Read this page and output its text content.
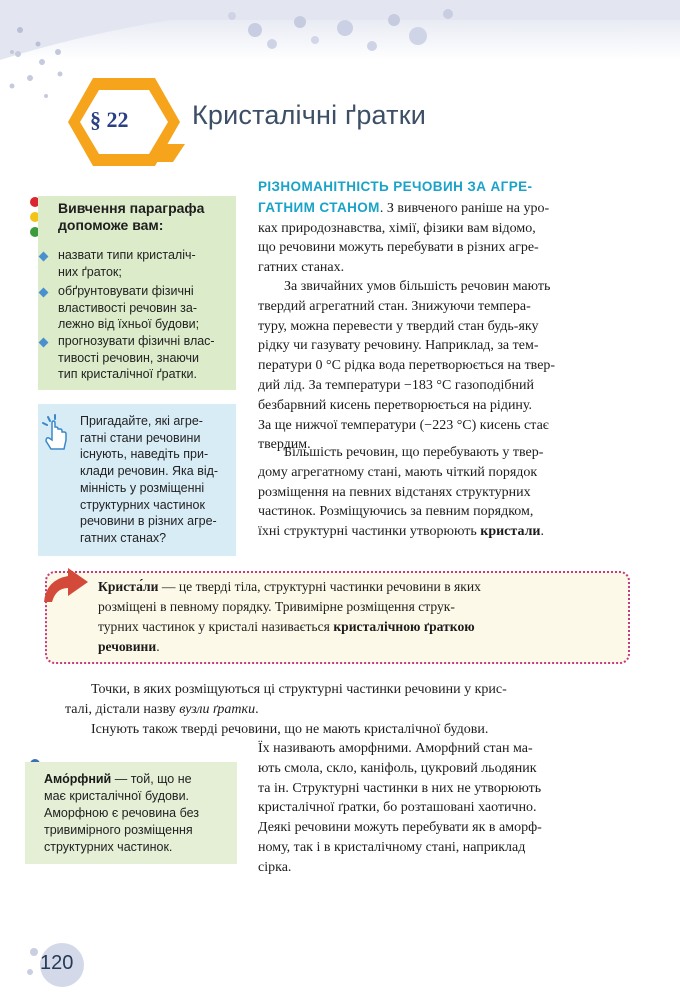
§ 22 Кристалічні ґратки
Вивчення параграфа
допоможе вам:
назвати типи кристаліч-
них ґраток;
обґрунтовувати фізичні
властивості речовин за-
лежно від їхньої будови;
прогнозувати фізичні влас-
тивості речовин, знаючи
тип кристалічної ґратки.
Пригадайте, які агре-
гатні стани речовини
існують, наведіть при-
клади речовин. Яка від-
мінність у розміщенні
структурних частинок
речовини в різних агре-
гатних станах?
РІЗНОМАНІТНІСТЬ РЕЧОВИН ЗА АГРЕ-
ГАТНИМ СТАНОМ. З вивченого раніше на уро-
ках природознавства, хімії, фізики вам відомо,
що речовини можуть перебувати в різних агре-
гатних станах.
За звичайних умов більшість речовин мають
твердий агрегатний стан. Знижуючи темпера-
туру, можна перевести у твердий стан будь-яку
рідку чи газувату речовину. Наприклад, за тем-
ператури 0 °С рідка вода перетворюється на твер-
дий лід. За температури −183 °С газоподібний
безбарвний кисень перетворюється на рідину.
За ще нижчої температури (−223 °С) кисень стає
твердим.
Більшість речовин, що перебувають у твер-
дому агрегатному стані, мають чіткий порядок
розміщення на певних відстанях структурних
частинок. Розміщуючись за певним порядком,
їхні структурні частинки утворюють кристали.
Криста́ли — це тверді тіла, структурні частинки речовини в яких
розміщені в певному порядку. Тривимірне розміщення струк-
турних частинок у кристалі називається кристалічною ґраткою
речовини.
Точки, в яких розміщуються ці структурні частинки речовини у крис-
талі, дістали назву вузли ґратки.
Існують також тверді речовини, що не мають кристалічної будови.
Їх називають аморфними. Аморфний стан ма-
ють смола, скло, каніфоль, цукровий льодяник
та ін. Структурні частинки в них не утворюють
кристалічної ґратки, бо розташовані хаотично.
Деякі речовини можуть перебувати як в аморф-
ному, так і в кристалічному стані, наприклад
сірка.
Амо́рфний — той, що не
має кристалічної будови.
Аморфною є речовина без
тривимірного розміщення
структурних частинок.
120
